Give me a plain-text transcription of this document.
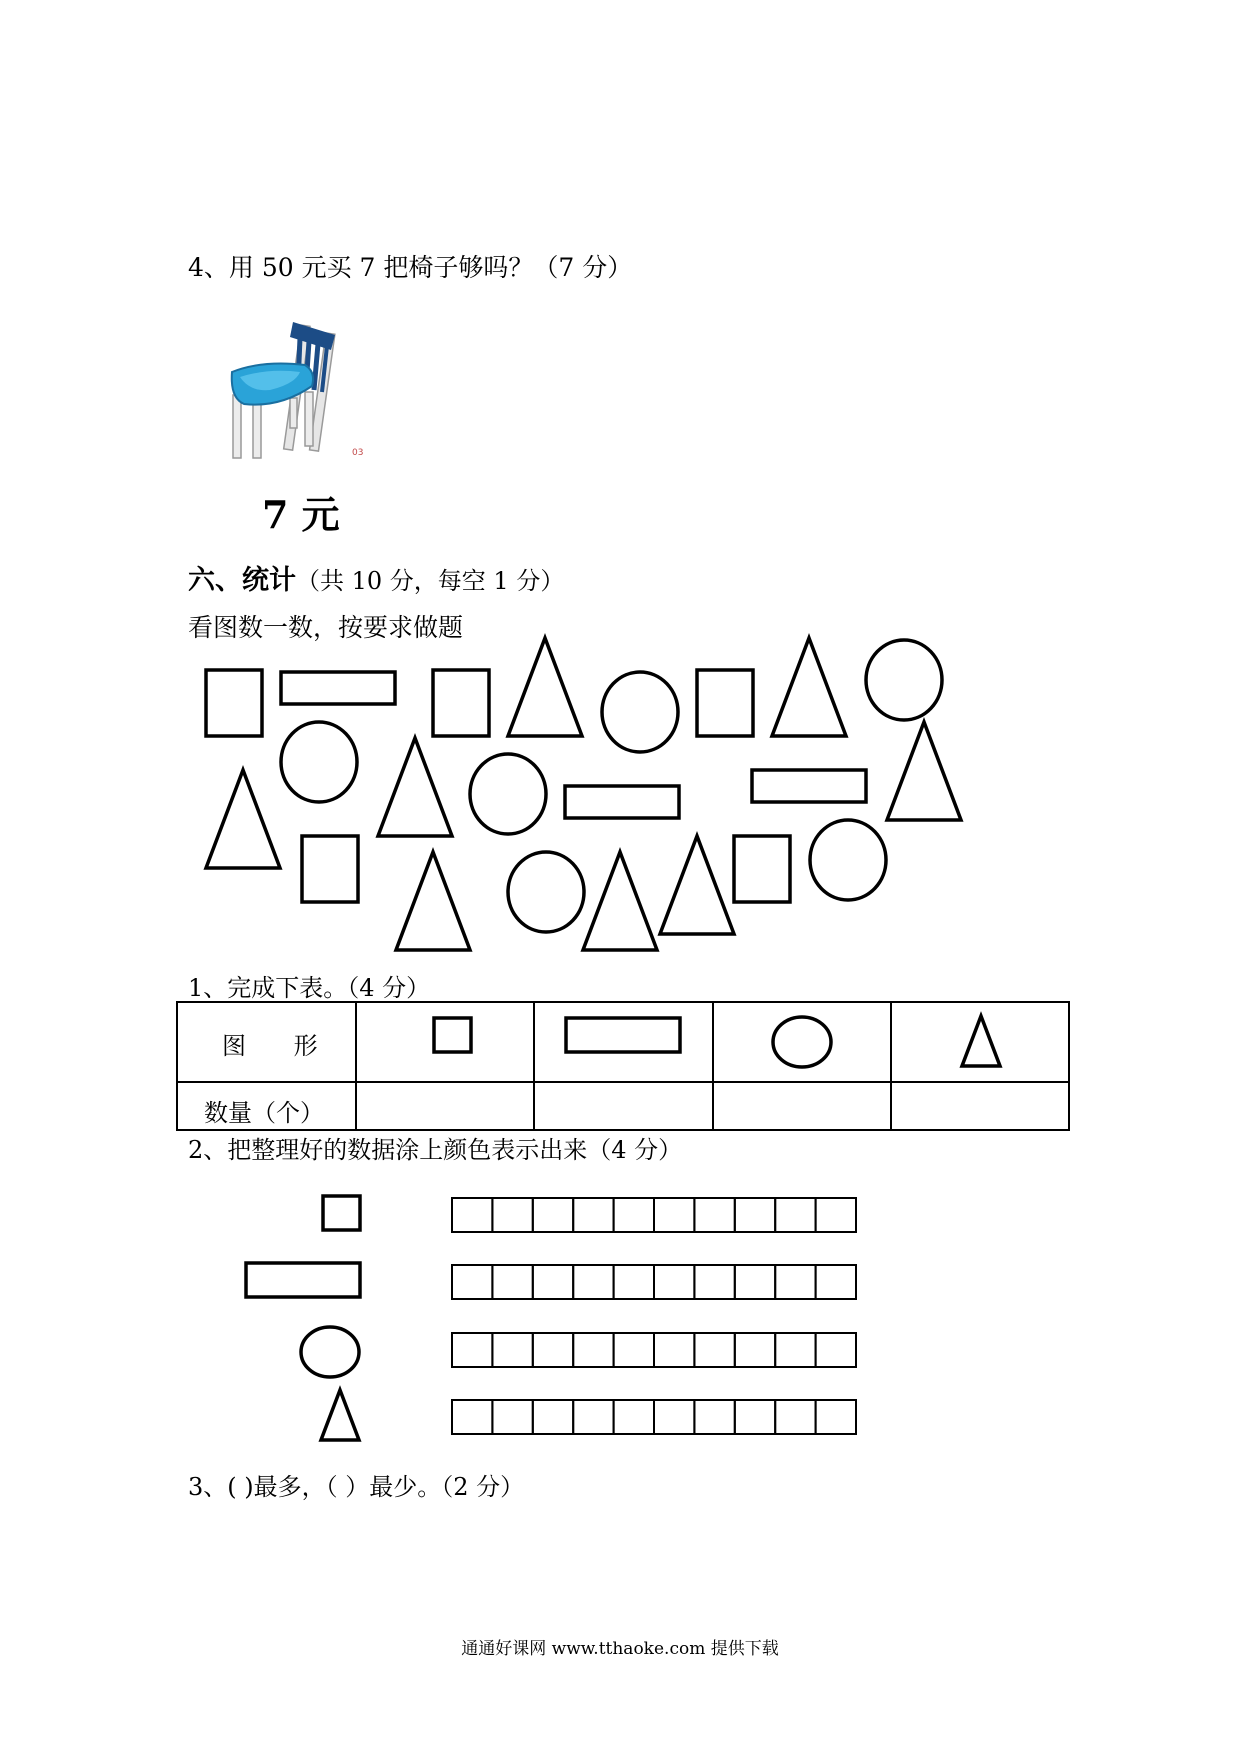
4、用 50 元买 7 把椅子够吗？（7 分）
03
7 元
六、统计（共 10 分，每空 1 分）
看图数一数，按要求做题
1、完成下表。（4 分）
图 形
数量（个）
2、把整理好的数据涂上颜色表示出来（4 分）
3、( )最多，（ ）最少。（2 分）
通通好课网 www.tthaoke.com 提供下载
